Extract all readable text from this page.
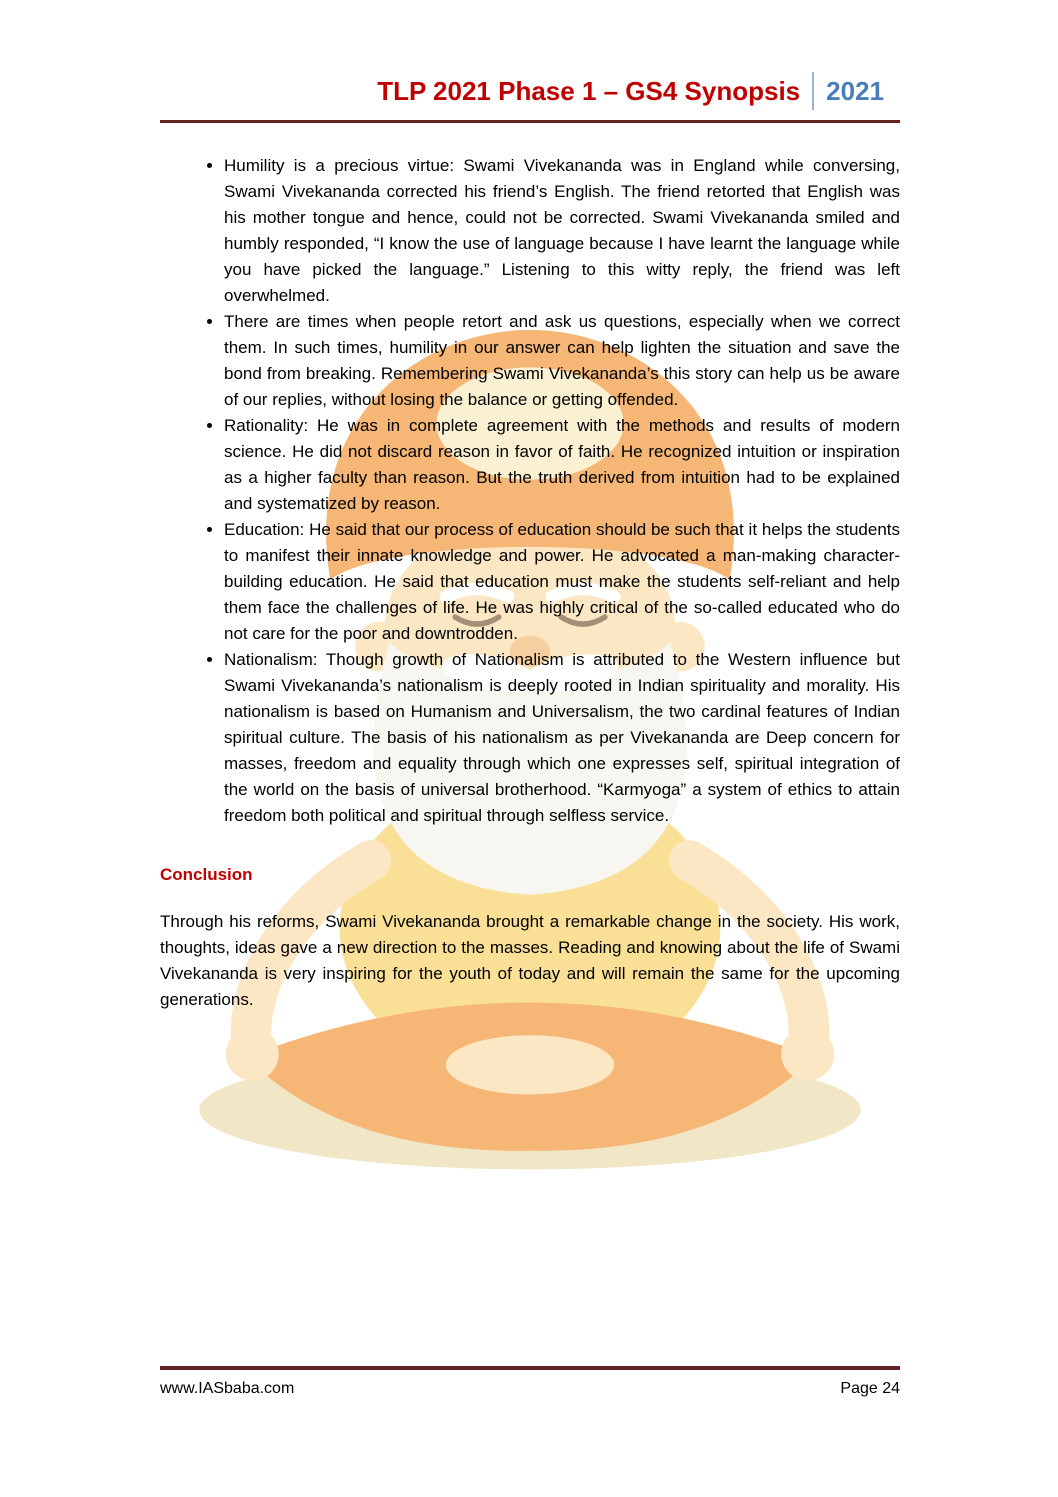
TLP 2021 Phase 1 – GS4 Synopsis 2021
• Humility is a precious virtue: Swami Vivekananda was in England while conversing, Swami Vivekananda corrected his friend’s English. The friend retorted that English was his mother tongue and hence, could not be corrected. Swami Vivekananda smiled and humbly responded, “I know the use of language because I have learnt the language while you have picked the language.” Listening to this witty reply, the friend was left overwhelmed.
• There are times when people retort and ask us questions, especially when we correct them. In such times, humility in our answer can help lighten the situation and save the bond from breaking. Remembering Swami Vivekananda’s this story can help us be aware of our replies, without losing the balance or getting offended.
• Rationality: He was in complete agreement with the methods and results of modern science. He did not discard reason in favor of faith. He recognized intuition or inspiration as a higher faculty than reason. But the truth derived from intuition had to be explained and systematized by reason.
• Education: He said that our process of education should be such that it helps the students to manifest their innate knowledge and power. He advocated a man-making character-building education. He said that education must make the students self-reliant and help them face the challenges of life. He was highly critical of the so-called educated who do not care for the poor and downtrodden.
• Nationalism: Though growth of Nationalism is attributed to the Western influence but Swami Vivekananda’s nationalism is deeply rooted in Indian spirituality and morality. His nationalism is based on Humanism and Universalism, the two cardinal features of Indian spiritual culture. The basis of his nationalism as per Vivekananda are Deep concern for masses, freedom and equality through which one expresses self, spiritual integration of the world on the basis of universal brotherhood. “Karmyoga” a system of ethics to attain freedom both political and spiritual through selfless service.
Conclusion

Through his reforms, Swami Vivekananda brought a remarkable change in the society. His work, thoughts, ideas gave a new direction to the masses. Reading and knowing about the life of Swami Vivekananda is very inspiring for the youth of today and will remain the same for the upcoming generations.

www.IASbaba.com	Page 24
